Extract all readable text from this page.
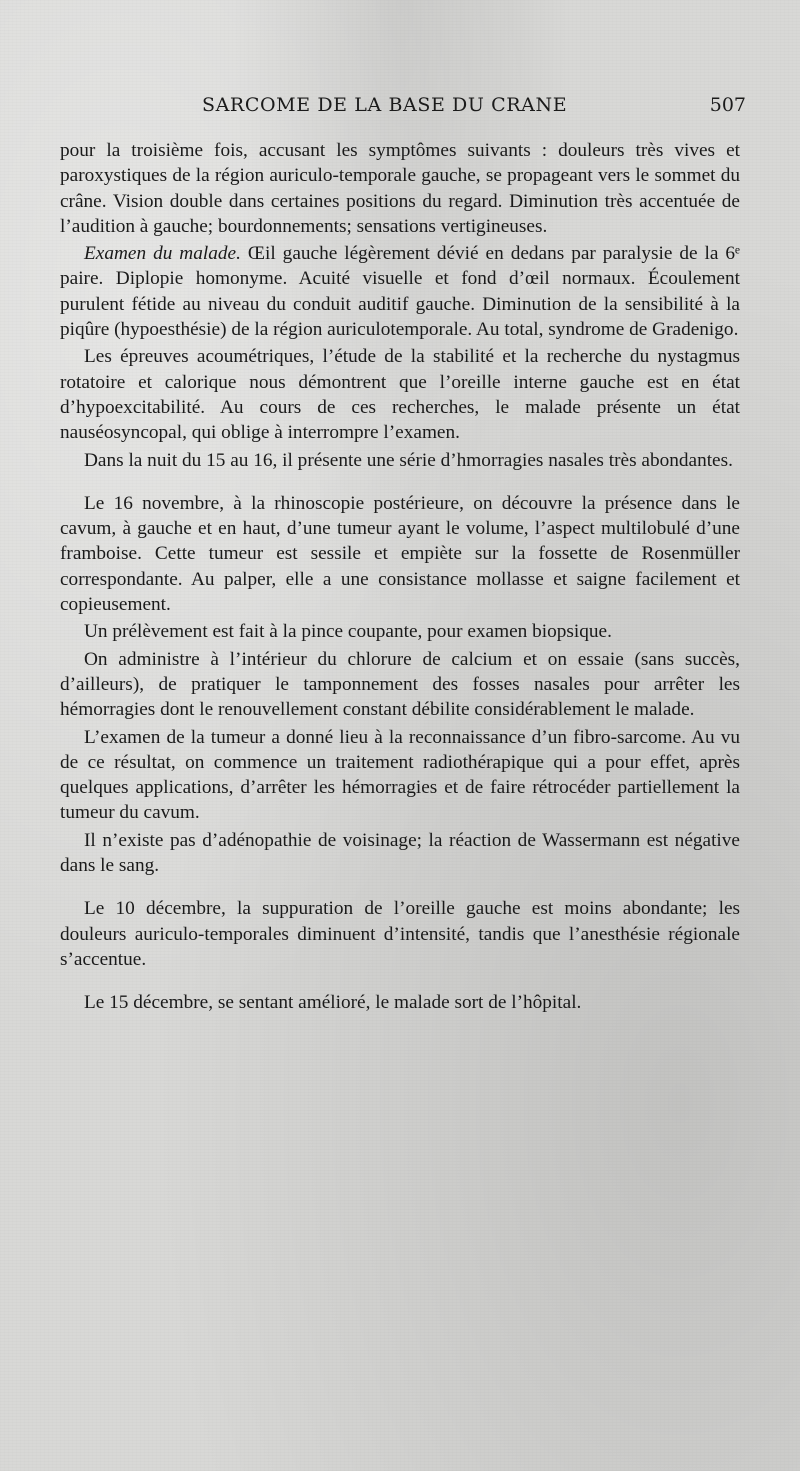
SARCOME DE LA BASE DU CRANE	507

pour la troisième fois, accusant les symptômes suivants : douleurs très vives et paroxystiques de la région auriculo-temporale gauche, se propageant vers le sommet du crâne. Vision double dans certaines positions du regard. Diminution très accentuée de l’audition à gauche; bourdonnements; sensations vertigineuses.

Examen du malade. Œil gauche légèrement dévié en dedans par paralysie de la 6ᵉ paire. Diplopie homonyme. Acuité visuelle et fond d’œil normaux. Écoulement purulent fétide au niveau du conduit auditif gauche. Diminution de la sensibilité à la piqûre (hypoesthésie) de la région auriculotemporale. Au total, syndrome de Gradenigo.

Les épreuves acoumétriques, l’étude de la stabilité et la recherche du nystagmus rotatoire et calorique nous démontrent que l’oreille interne gauche est en état d’hypoexcitabilité. Au cours de ces recherches, le malade présente un état nauséosyncopal, qui oblige à interrompre l’examen.

Dans la nuit du 15 au 16, il présente une série d’hmorragies nasales très abondantes.

Le 16 novembre, à la rhinoscopie postérieure, on découvre la présence dans le cavum, à gauche et en haut, d’une tumeur ayant le volume, l’aspect multilobulé d’une framboise. Cette tumeur est sessile et empiète sur la fossette de Rosenmüller correspondante. Au palper, elle a une consistance mollasse et saigne facilement et copieusement.

Un prélèvement est fait à la pince coupante, pour examen biopsique.

On administre à l’intérieur du chlorure de calcium et on essaie (sans succès, d’ailleurs), de pratiquer le tamponnement des fosses nasales pour arrêter les hémorragies dont le renouvellement constant débilite considérablement le malade.

L’examen de la tumeur a donné lieu à la reconnaissance d’un fibro-sarcome. Au vu de ce résultat, on commence un traitement radiothérapique qui a pour effet, après quelques applications, d’arrêter les hémorragies et de faire rétrocéder partiellement la tumeur du cavum.

Il n’existe pas d’adénopathie de voisinage; la réaction de Wassermann est négative dans le sang.

Le 10 décembre, la suppuration de l’oreille gauche est moins abondante; les douleurs auriculo-temporales diminuent d’intensité, tandis que l’anesthésie régionale s’accentue.

Le 15 décembre, se sentant amélioré, le malade sort de l’hôpital.
